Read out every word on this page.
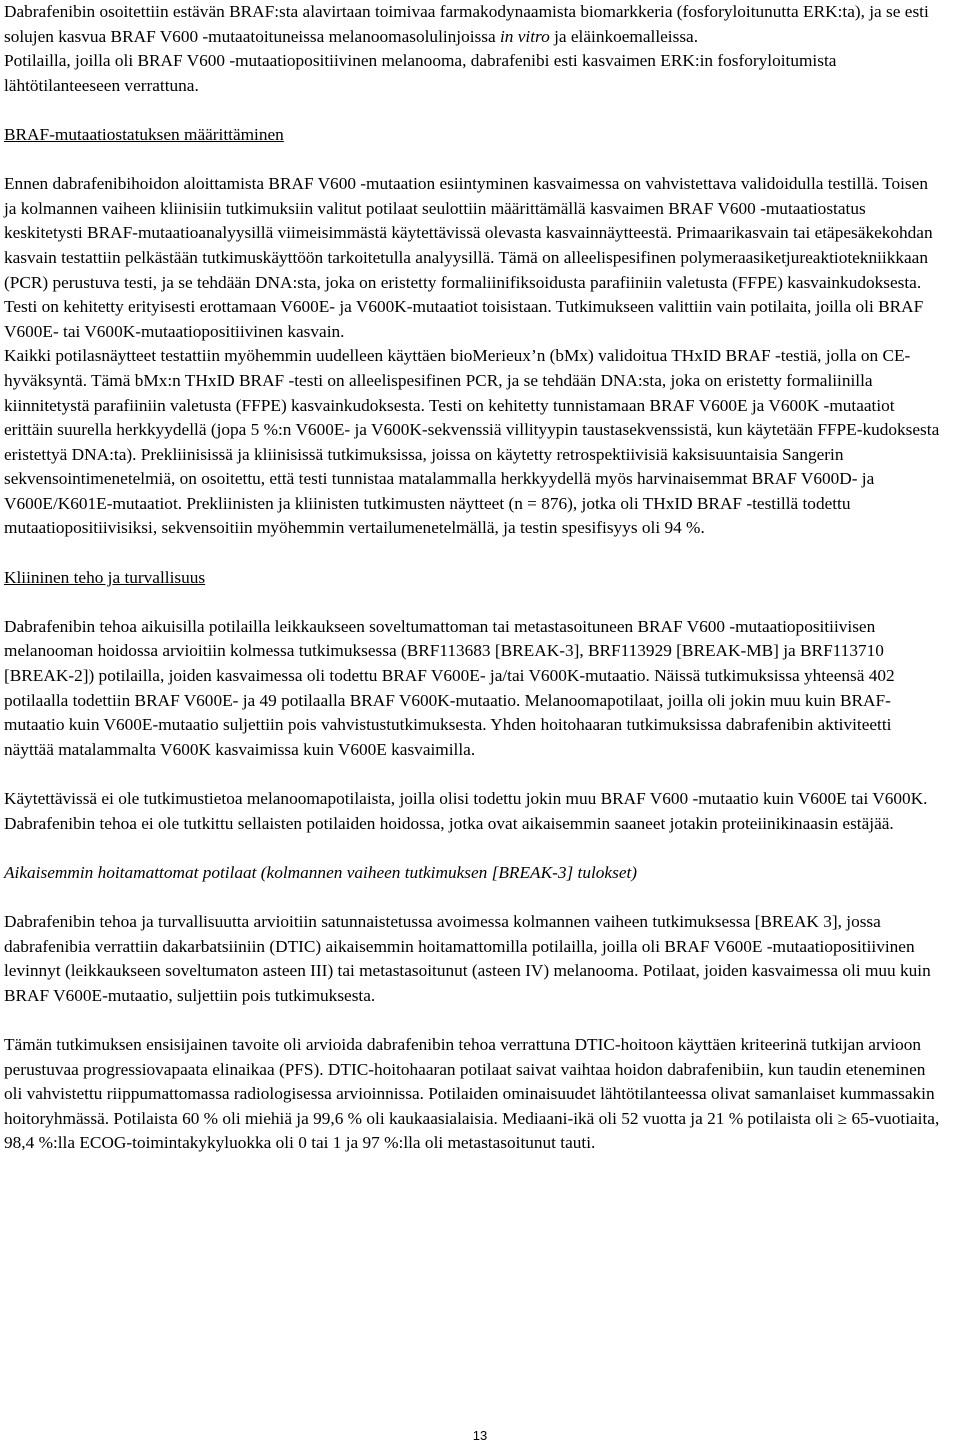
Dabrafenibin osoitettiin estävän BRAF:sta alavirtaan toimivaa farmakodynaamista biomarkkeria (fosforyloitunutta ERK:ta), ja se esti solujen kasvua BRAF V600 -mutaatoituneissa melanoomasolulinjoissa in vitro ja eläinkoemalleissa.

Potilailla, joilla oli BRAF V600 -mutaatiopositiivinen melanooma, dabrafenibi esti kasvaimen ERK:in fosforyloitumista lähtötilanteeseen verrattuna.

BRAF-mutaatiostatuksen määrittäminen

Ennen dabrafenibihoidon aloittamista BRAF V600 -mutaation esiintyminen kasvaimessa on vahvistettava validoidulla testillä. Toisen ja kolmannen vaiheen kliinisiin tutkimuksiin valitut potilaat seulottiin määrittämällä kasvaimen BRAF V600 -mutaatiostatus keskitetysti BRAF-mutaatioanalyysillä viimeisimmästä käytettävissä olevasta kasvainnäytteestä. Primaarikasvain tai etäpesäkekohdan kasvain testattiin pelkästään tutkimuskäyttöön tarkoitetulla analyysillä. Tämä on alleelispesifinen polymeraasiketjureaktiotekniikkaan (PCR) perustuva testi, ja se tehdään DNA:sta, joka on eristetty formaliinifiksoidusta parafiiniin valetusta (FFPE) kasvainkudoksesta. Testi on kehitetty erityisesti erottamaan V600E- ja V600K-mutaatiot toisistaan. Tutkimukseen valittiin vain potilaita, joilla oli BRAF V600E- tai V600K-mutaatiopositiivinen kasvain.

Kaikki potilasnäytteet testattiin myöhemmin uudelleen käyttäen bioMerieux’n (bMx) validoitua THxID BRAF -testiä, jolla on CE-hyväksyntä. Tämä bMx:n THxID BRAF -testi on alleelispesifinen PCR, ja se tehdään DNA:sta, joka on eristetty formaliinilla kiinnitetystä parafiiniin valetusta (FFPE) kasvainkudoksesta. Testi on kehitetty tunnistamaan BRAF V600E ja V600K -mutaatiot erittäin suurella herkkyydellä (jopa 5 %:n V600E- ja V600K-sekvenssiä villityypin taustasekvenssistä, kun käytetään FFPE-kudoksesta eristettyä DNA:ta). Prekliinisissä ja kliinisissä tutkimuksissa, joissa on käytetty retrospektiivisiä kaksisuuntaisia Sangerin sekvensointimenetelmiä, on osoitettu, että testi tunnistaa matalammalla herkkyydellä myös harvinaisemmat BRAF V600D- ja V600E/K601E-mutaatiot. Prekliinisten ja kliinisten tutkimusten näytteet (n = 876), jotka oli THxID BRAF -testillä todettu mutaatiopositiivisiksi, sekvensoitiin myöhemmin vertailumenetelmällä, ja testin spesifisyys oli 94 %.

Kliininen teho ja turvallisuus

Dabrafenibin tehoa aikuisilla potilailla leikkaukseen soveltumattoman tai metastasoituneen BRAF V600 -mutaatiopositiivisen melanooman hoidossa arvioitiin kolmessa tutkimuksessa (BRF113683 [BREAK-3], BRF113929 [BREAK-MB] ja BRF113710 [BREAK-2]) potilailla, joiden kasvaimessa oli todettu BRAF V600E- ja/tai V600K-mutaatio. Näissä tutkimuksissa yhteensä 402 potilaalla todettiin BRAF V600E- ja 49 potilaalla BRAF V600K-mutaatio. Melanoomapotilaat, joilla oli jokin muu kuin BRAF-mutaatio kuin V600E-mutaatio suljettiin pois vahvistustutkimuksesta. Yhden hoitohaaran tutkimuksissa dabrafenibin aktiviteetti näyttää matalammalta V600K kasvaimissa kuin V600E kasvaimilla.

Käytettävissä ei ole tutkimustietoa melanoomapotilaista, joilla olisi todettu jokin muu BRAF V600 -mutaatio kuin V600E tai V600K. Dabrafenibin tehoa ei ole tutkittu sellaisten potilaiden hoidossa, jotka ovat aikaisemmin saaneet jotakin proteiinikinaasin estäjää.

Aikaisemmin hoitamattomat potilaat (kolmannen vaiheen tutkimuksen [BREAK-3] tulokset)

Dabrafenibin tehoa ja turvallisuutta arvioitiin satunnaistetussa avoimessa kolmannen vaiheen tutkimuksessa [BREAK 3], jossa dabrafenibia verrattiin dakarbatsiiniin (DTIC) aikaisemmin hoitamattomilla potilailla, joilla oli BRAF V600E -mutaatiopositiivinen levinnyt (leikkaukseen soveltumaton asteen III) tai metastasoitunut (asteen IV) melanooma. Potilaat, joiden kasvaimessa oli muu kuin BRAF V600E-mutaatio, suljettiin pois tutkimuksesta.

Tämän tutkimuksen ensisijainen tavoite oli arvioida dabrafenibin tehoa verrattuna DTIC-hoitoon käyttäen kriteerinä tutkijan arvioon perustuvaa progressiovapaata elinaikaa (PFS). DTIC-hoitohaaran potilaat saivat vaihtaa hoidon dabrafenibiin, kun taudin eteneminen oli vahvistettu riippumattomassa radiologisessa arvioinnissa. Potilaiden ominaisuudet lähtötilanteessa olivat samanlaiset kummassakin hoitoryhmässä. Potilaista 60 % oli miehiä ja 99,6 % oli kaukaasialaisia. Mediaani-ikä oli 52 vuotta ja 21 % potilaista oli ≥ 65-vuotiaita, 98,4 %:lla ECOG-toimintakykyluokka oli 0 tai 1 ja 97 %:lla oli metastasoitunut tauti.

13
